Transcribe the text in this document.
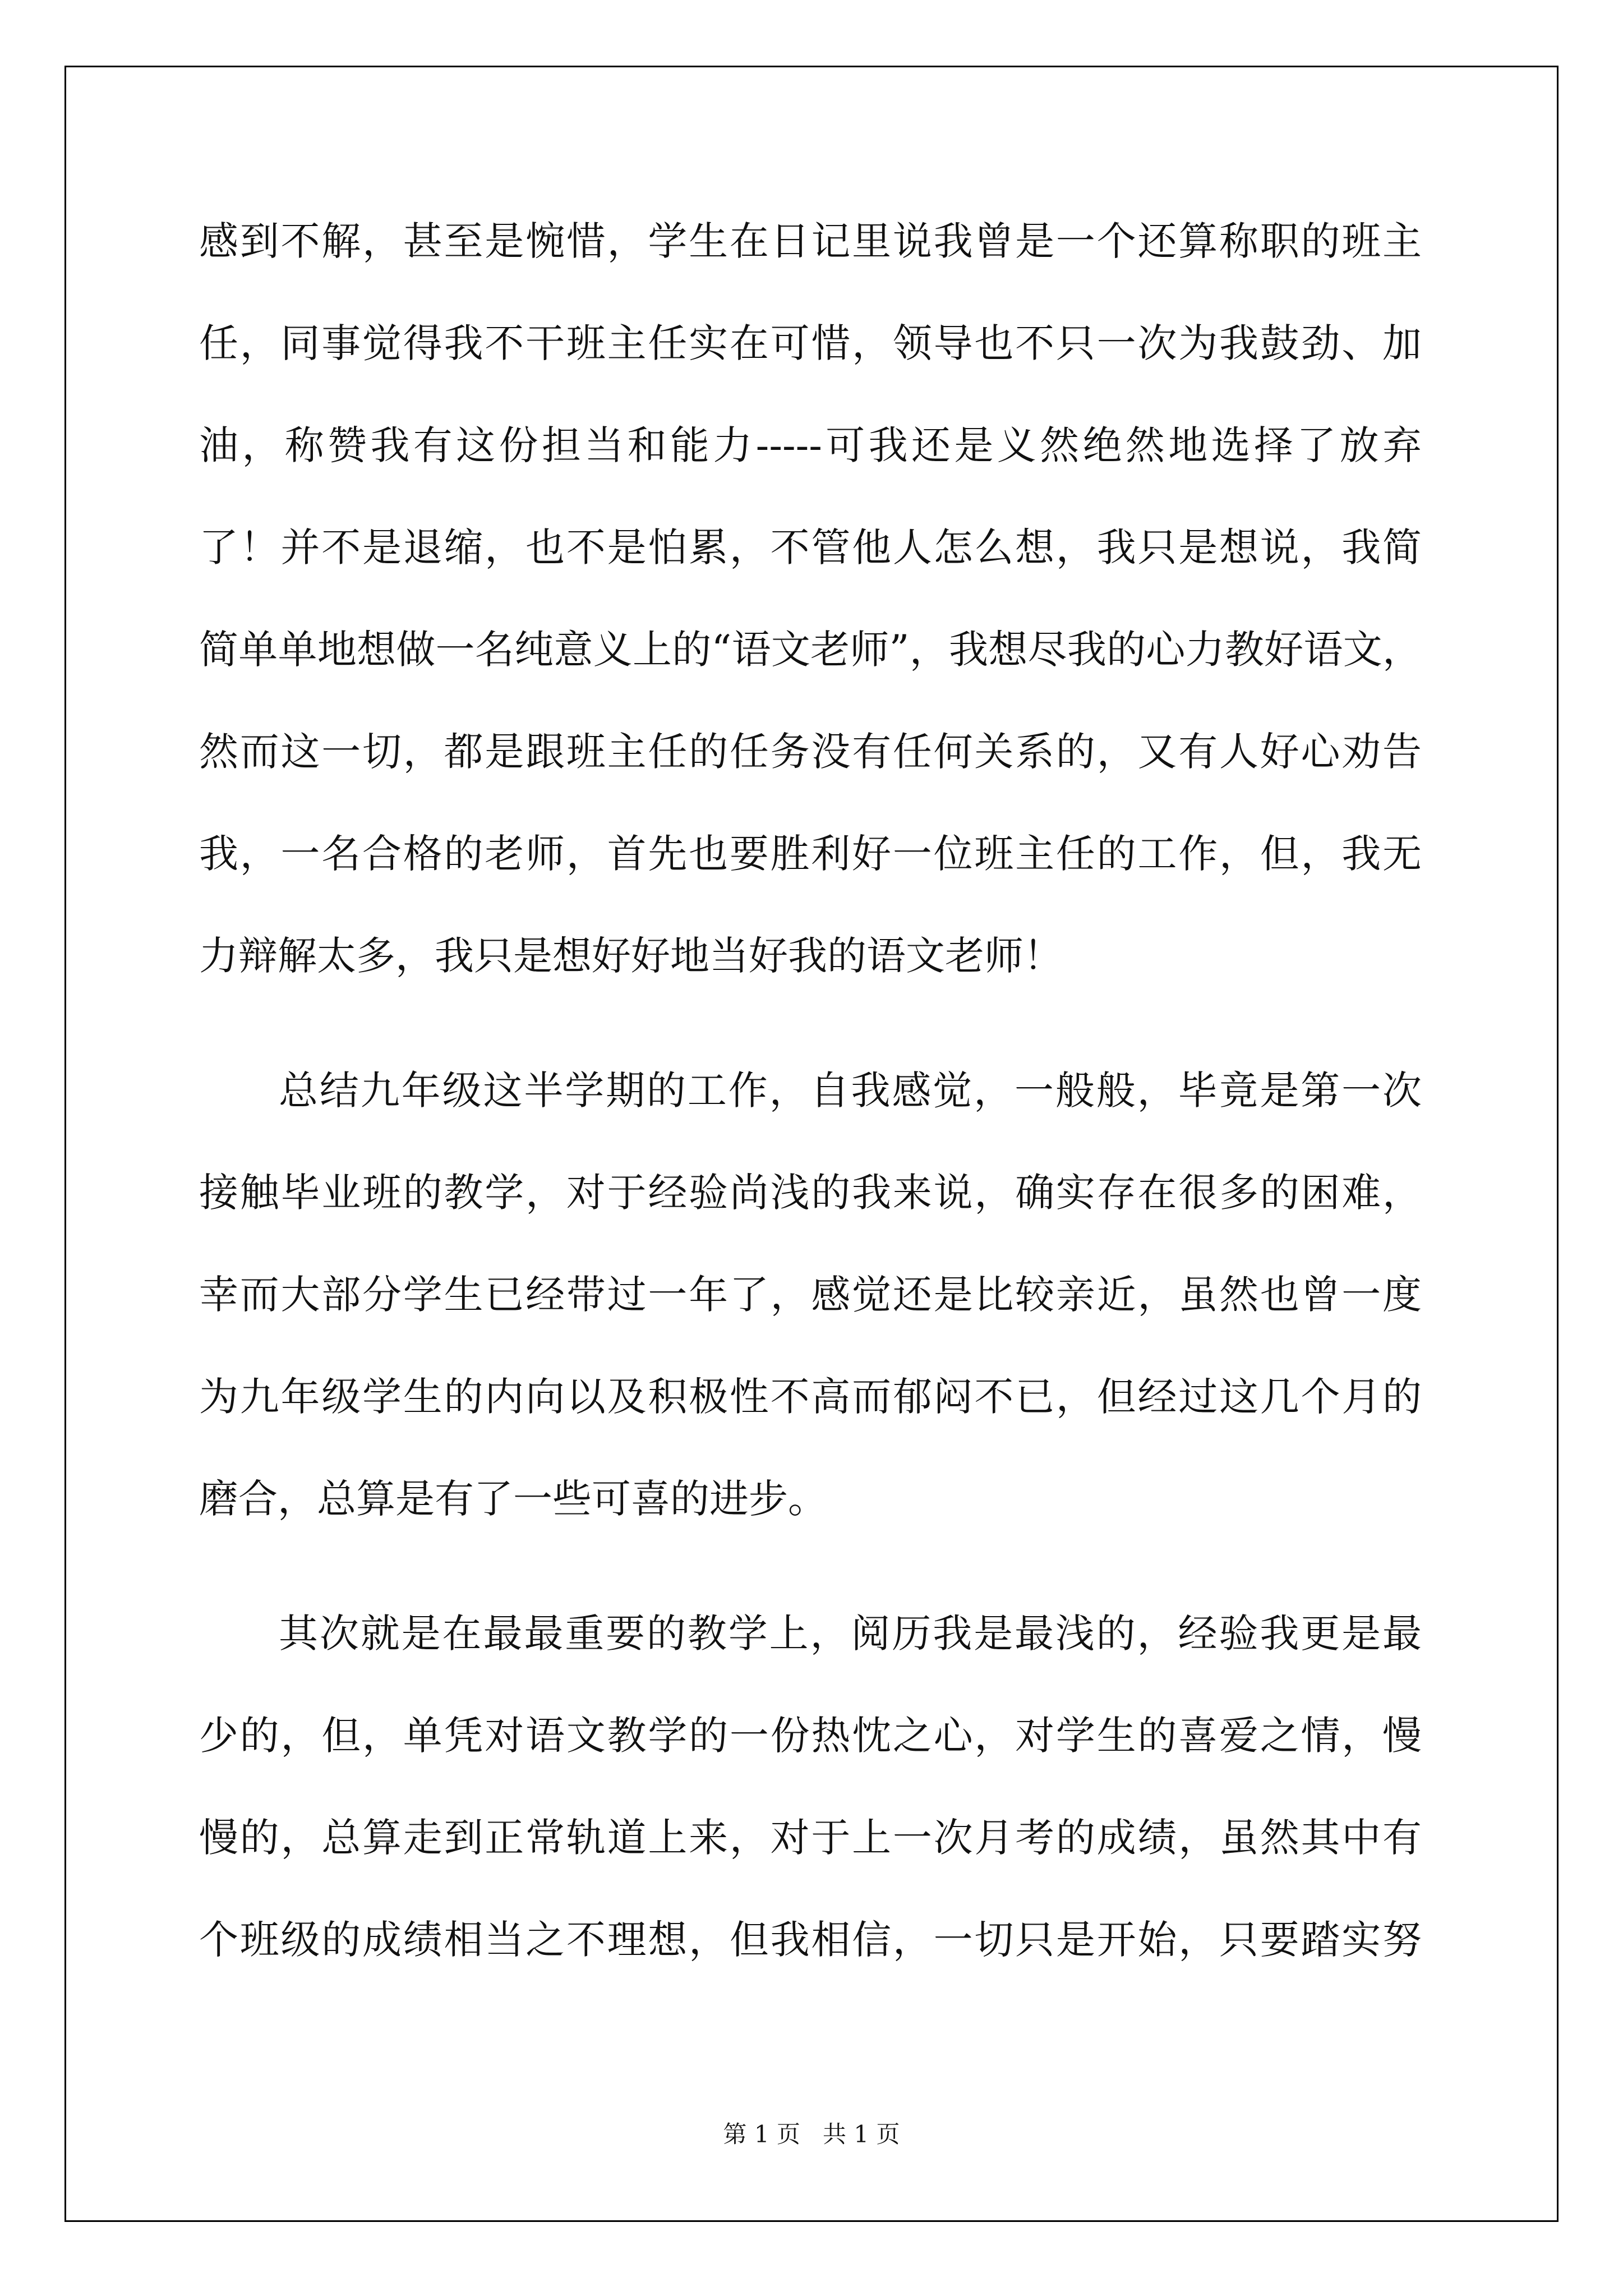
感到不解，甚至是惋惜，学生在日记里说我曾是一个还算称职的班主
任，同事觉得我不干班主任实在可惜，领导也不只一次为我鼓劲、加
油，称赞我有这份担当和能力-----可我还是义然绝然地选择了放弃
了！并不是退缩，也不是怕累，不管他人怎么想，我只是想说，我简
简单单地想做一名纯意义上的“语文老师”，我想尽我的心力教好语文，
然而这一切，都是跟班主任的任务没有任何关系的，又有人好心劝告
我，一名合格的老师，首先也要胜利好一位班主任的工作，但，我无
力辩解太多，我只是想好好地当好我的语文老师！
总结九年级这半学期的工作，自我感觉，一般般，毕竟是第一次
接触毕业班的教学，对于经验尚浅的我来说，确实存在很多的困难，
幸而大部分学生已经带过一年了，感觉还是比较亲近，虽然也曾一度
为九年级学生的内向以及积极性不高而郁闷不已，但经过这几个月的
磨合，总算是有了一些可喜的进步。
其次就是在最最重要的教学上，阅历我是最浅的，经验我更是最
少的，但，单凭对语文教学的一份热忱之心，对学生的喜爱之情，慢
慢的，总算走到正常轨道上来，对于上一次月考的成绩，虽然其中有
个班级的成绩相当之不理想，但我相信，一切只是开始，只要踏实努
第 1 页   共 1 页
